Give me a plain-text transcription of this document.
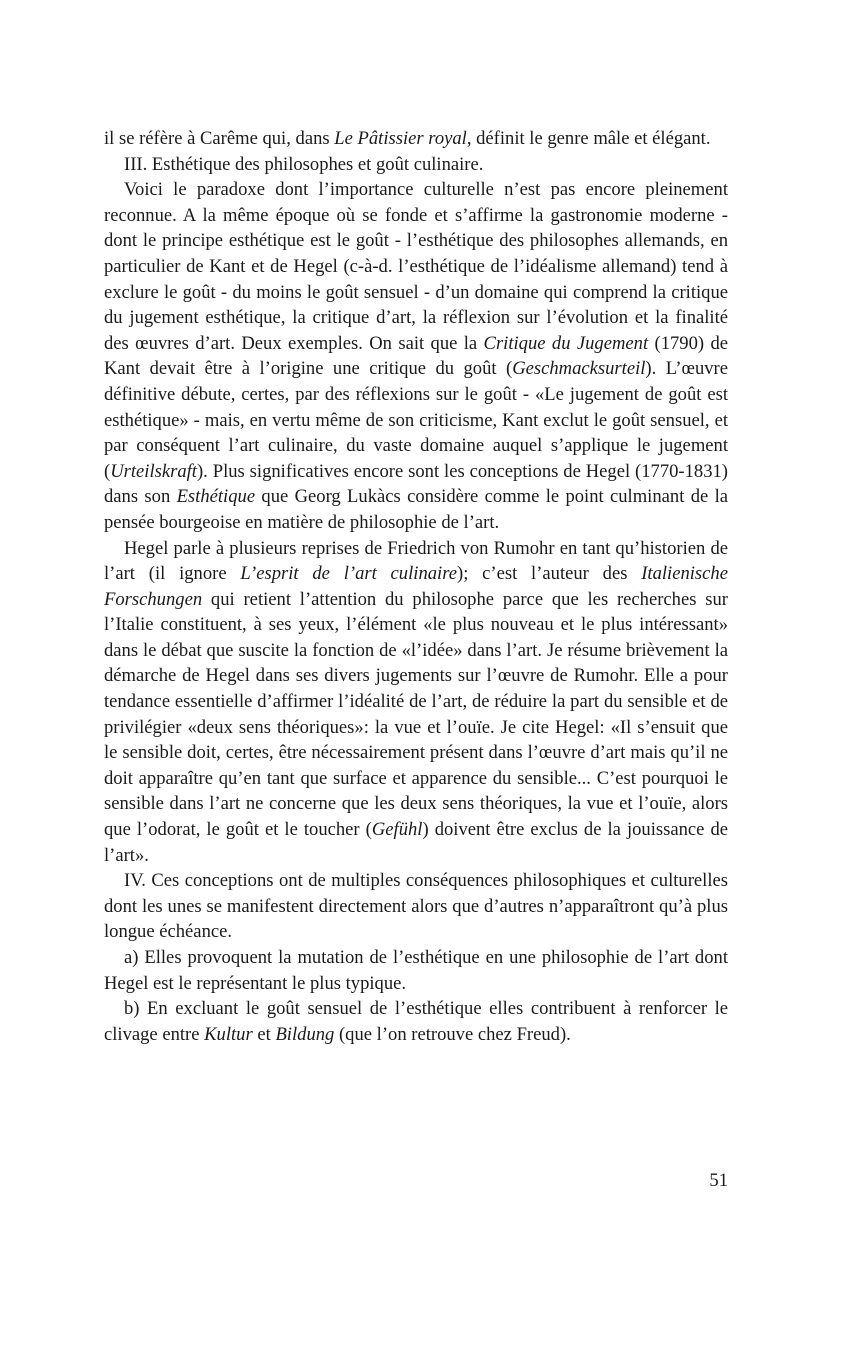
il se réfère à Carême qui, dans Le Pâtissier royal, définit le genre mâle et élégant.

III. Esthétique des philosophes et goût culinaire.

Voici le paradoxe dont l’importance culturelle n’est pas encore pleinement reconnue. A la même époque où se fonde et s’affirme la gastronomie moderne - dont le principe esthétique est le goût - l’esthétique des philosophes allemands, en particulier de Kant et de Hegel (c-à-d. l’esthétique de l’idéalisme allemand) tend à exclure le goût - du moins le goût sensuel - d’un domaine qui comprend la critique du jugement esthétique, la critique d’art, la réflexion sur l’évolution et la finalité des œuvres d’art. Deux exemples. On sait que la Critique du Jugement (1790) de Kant devait être à l’origine une critique du goût (Geschmacksurteil). L’œuvre définitive débute, certes, par des réflexions sur le goût - «Le jugement de goût est esthétique» - mais, en vertu même de son criticisme, Kant exclut le goût sensuel, et par conséquent l’art culinaire, du vaste domaine auquel s’applique le jugement (Urteilskraft). Plus significatives encore sont les conceptions de Hegel (1770-1831) dans son Esthétique que Georg Lukàcs considère comme le point culminant de la pensée bourgeoise en matière de philosophie de l’art.

Hegel parle à plusieurs reprises de Friedrich von Rumohr en tant qu’historien de l’art (il ignore L’esprit de l’art culinaire); c’est l’auteur des Italienische Forschungen qui retient l’attention du philosophe parce que les recherches sur l’Italie constituent, à ses yeux, l’élément «le plus nouveau et le plus intéressant» dans le débat que suscite la fonction de «l’idée» dans l’art. Je résume brièvement la démarche de Hegel dans ses divers jugements sur l’œuvre de Rumohr. Elle a pour tendance essentielle d’affirmer l’idéalité de l’art, de réduire la part du sensible et de privilégier «deux sens théoriques»: la vue et l’ouïe. Je cite Hegel: «Il s’ensuit que le sensible doit, certes, être nécessairement présent dans l’œuvre d’art mais qu’il ne doit apparaître qu’en tant que surface et apparence du sensible... C’est pourquoi le sensible dans l’art ne concerne que les deux sens théoriques, la vue et l’ouïe, alors que l’odorat, le goût et le toucher (Gefühl) doivent être exclus de la jouissance de l’art».

IV. Ces conceptions ont de multiples conséquences philosophiques et culturelles dont les unes se manifestent directement alors que d’autres n’apparaîtront qu’à plus longue échéance.

a) Elles provoquent la mutation de l’esthétique en une philosophie de l’art dont Hegel est le représentant le plus typique.

b) En excluant le goût sensuel de l’esthétique elles contribuent à renforcer le clivage entre Kultur et Bildung (que l’on retrouve chez Freud).

51
